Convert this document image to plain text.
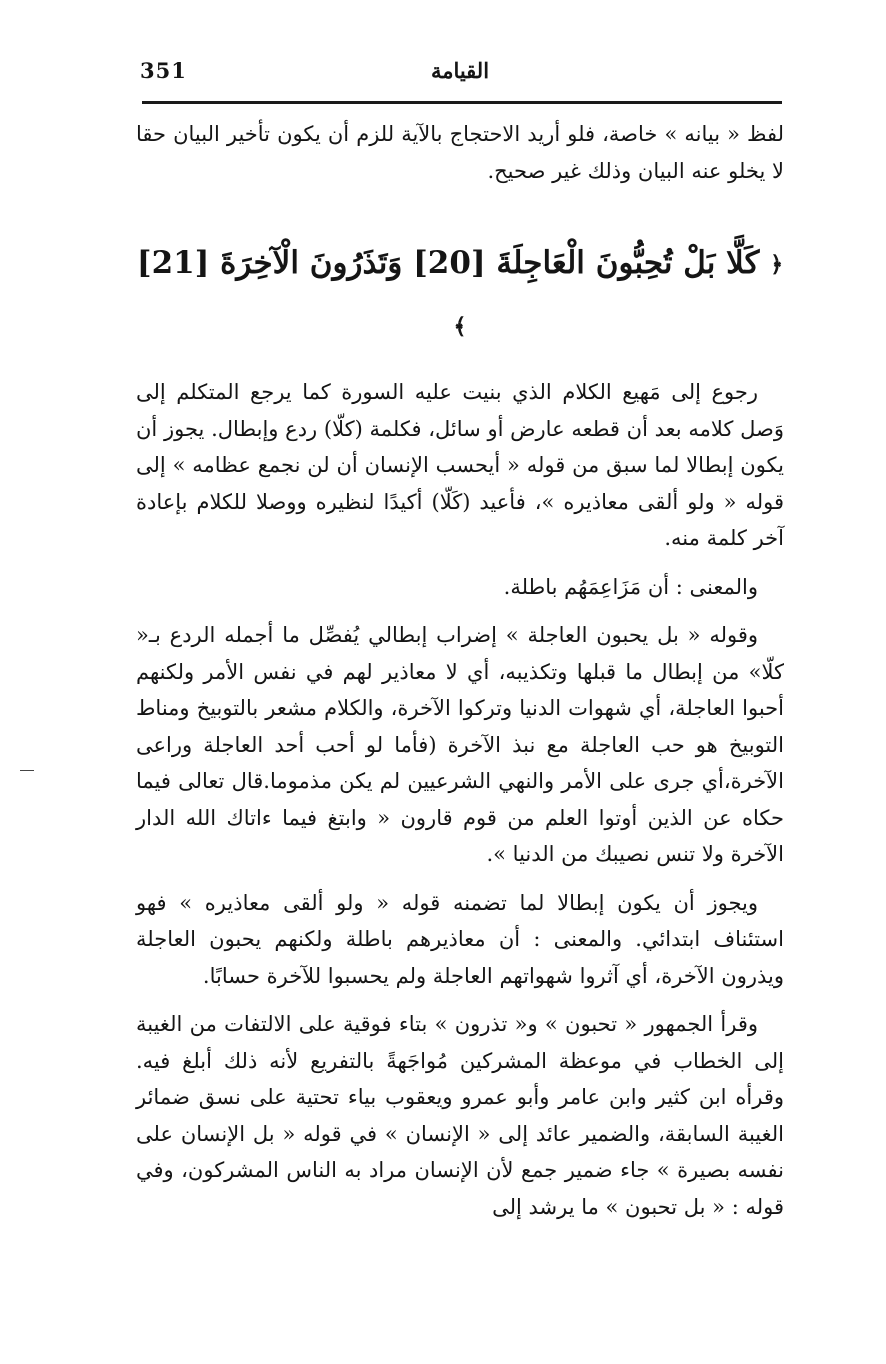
351	القيامة

لفظ « بيانه » خاصة، فلو أريد الاحتجاج بالآية للزم أن يكون تأخير البيان حقا لا يخلو عنه البيان وذلك غير صحيح.

﴿ كَلَّا بَلْ تُحِبُّونَ الْعَاجِلَةَ [20] وَتَذَرُونَ الْآخِرَةَ [21] ﴾

رجوع إلى مَهيع الكلام الذي بنيت عليه السورة كما يرجع المتكلم إلى وَصل كلامه بعد أن قطعه عارض أو سائل، فكلمة (كلّا) ردع وإبطال. يجوز أن يكون إبطالا لما سبق من قوله « أيحسب الإنسان أن لن نجمع عظامه » إلى قوله « ولو ألقى معاذيره »، فأعيد (كَلّا) أكيدًا لنظيره ووصلا للكلام بإعادة آخر كلمة منه.

والمعنى : أن مَزَاعِمَهُم باطلة.

وقوله « بل يحبون العاجلة » إضراب إبطالي يُفصِّل ما أجمله الردع بـ« كلّا» من إبطال ما قبلها وتكذيبه، أي لا معاذير لهم في نفس الأمر ولكنهم أحبوا العاجلة، أي شهوات الدنيا وتركوا الآخرة، والكلام مشعر بالتوبيخ ومناط التوبيخ هو حب العاجلة مع نبذ الآخرة (فأما لو أحب أحد العاجلة وراعى الآخرة،أي جرى على الأمر والنهي الشرعيين لم يكن مذموما.قال تعالى فيما حكاه عن الذين أوتوا العلم من قوم قارون « وابتغ فيما ءاتاك الله الدار الآخرة ولا تنس نصيبك من الدنيا ».

ويجوز أن يكون إبطالا لما تضمنه قوله « ولو ألقى معاذيره » فهو استئناف ابتدائي. والمعنى : أن معاذيرهم باطلة ولكنهم يحبون العاجلة ويذرون الآخرة، أي آثروا شهواتهم العاجلة ولم يحسبوا للآخرة حسابًا.

وقرأ الجمهور « تحبون » و« تذرون » بتاء فوقية على الالتفات من الغيبة إلى الخطاب في موعظة المشركين مُواجَهةً بالتفريع لأنه ذلك أبلغ فيه. وقرأه ابن كثير وابن عامر وأبو عمرو ويعقوب بياء تحتية على نسق ضمائر الغيبة السابقة، والضمير عائد إلى « الإنسان » في قوله « بل الإنسان على نفسه بصيرة » جاء ضمير جمع لأن الإنسان مراد به الناس المشركون، وفي قوله : « بل تحبون » ما يرشد إلى
